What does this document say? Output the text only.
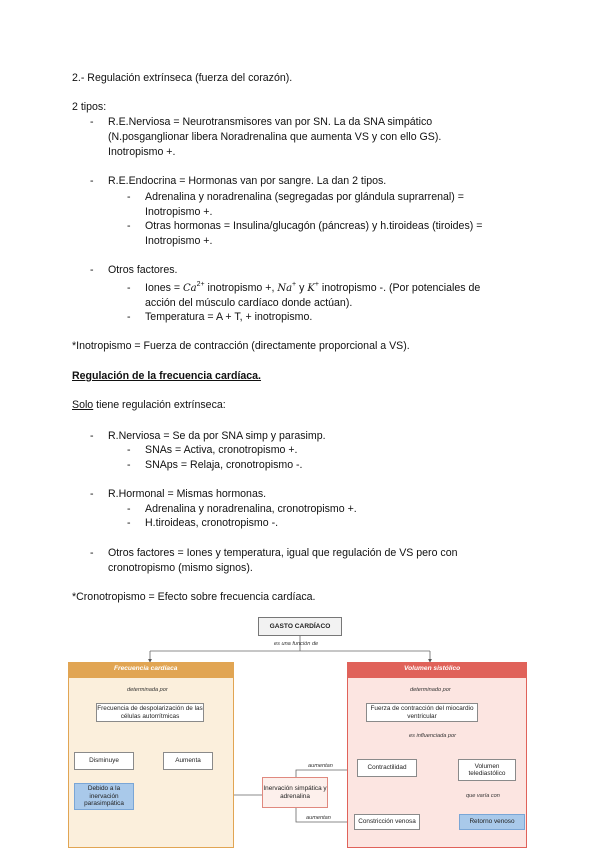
2.- Regulación extrínseca (fuerza del corazón).
2 tipos:
- R.E.Nerviosa = Neurotransmisores van por SN. La da SNA simpático
(N.posganglionar libera Noradrenalina que aumenta VS y con ello GS).
Inotropismo +.
- R.E.Endocrina = Hormonas van por sangre. La dan 2 tipos.
- Adrenalina y noradrenalina (segregadas por glándula suprarrenal) =
Inotropismo +.
- Otras hormonas = Insulina/glucagón (páncreas) y h.tiroideas (tiroides) =
Inotropismo +.
- Otros factores.
- Iones = $Ca^{2+}$ inotropismo +, Na+ y K+ inotropismo -. (Por potenciales de
acción del músculo cardíaco donde actúan).
- Temperatura = A + T, + inotropismo.
*Inotropismo = Fuerza de contracción (directamente proporcional a VS).
Regulación de la frecuencia cardíaca.
Solo tiene regulación extrínseca:
- R.Nerviosa = Se da por SNA simp y parasimp.
- SNAs = Activa, cronotropismo +.
- SNAps = Relaja, cronotropismo -.
- R.Hormonal = Mismas hormonas.
- Adrenalina y noradrenalina, cronotropismo +.
- H.tiroideas, cronotropismo -.
- Otros factores = Iones y temperatura, igual que regulación de VS pero con
cronotropismo (mismo signos).
*Cronotropismo = Efecto sobre frecuencia cardíaca.
GASTO CARDÍACO
es una función de
Frecuencia cardíaca
determinada por
Frecuencia de despolarización de las células autorrítmicas
Disminuye	Aumenta
Debido a la inervación parasimpática
Volumen sistólico
determinado por
Fuerza de contracción del miocardio ventricular
es influenciada por
Contractilidad	Volumen telediastólico
que varía con
Constricción venosa	Retorno venoso
Inervación simpática y adrenalina
aumentan
aumentan
